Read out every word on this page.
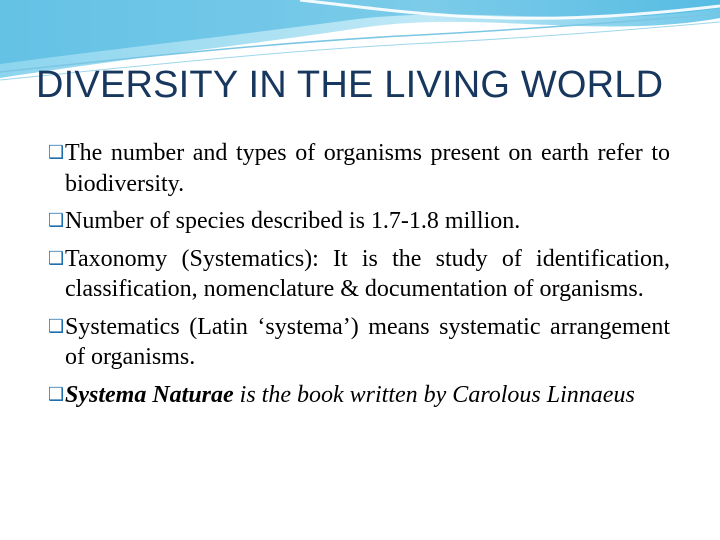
DIVERSITY IN THE LIVING WORLD
❑The number and types of organisms present on earth refer to biodiversity.
❑Number of species described is 1.7-1.8 million.
❑Taxonomy (Systematics): It is the study of identification, classification, nomenclature & documentation of organisms.
❑Systematics (Latin ‘systema’) means systematic arrangement of organisms.
❑Systema Naturae is the book written by Carolous Linnaeus
